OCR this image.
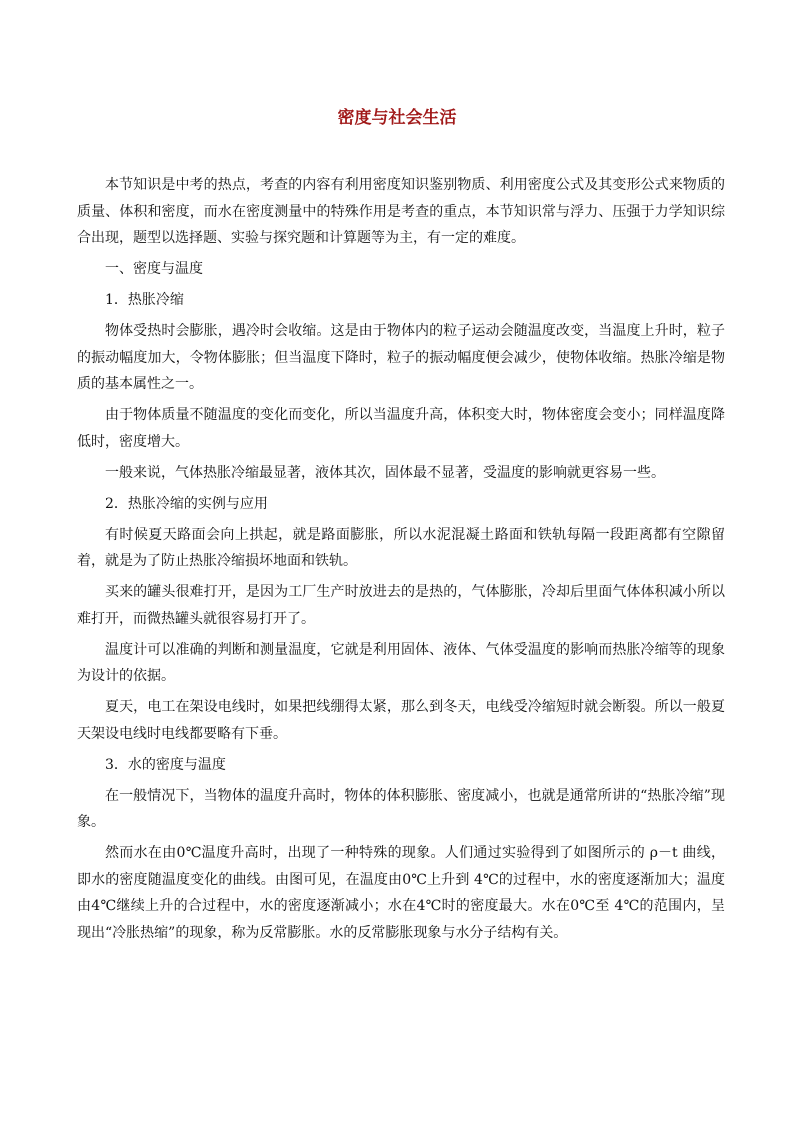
密度与社会生活

本节知识是中考的热点，考查的内容有利用密度知识鉴别物质、利用密度公式及其变形公式来物质的质量、体积和密度，而水在密度测量中的特殊作用是考查的重点，本节知识常与浮力、压强于力学知识综合出现，题型以选择题、实验与探究题和计算题等为主，有一定的难度。

一、密度与温度

1．热胀冷缩

物体受热时会膨胀，遇冷时会收缩。这是由于物体内的粒子运动会随温度改变，当温度上升时，粒子的振动幅度加大，令物体膨胀；但当温度下降时，粒子的振动幅度便会减少，使物体收缩。热胀冷缩是物质的基本属性之一。

由于物体质量不随温度的变化而变化，所以当温度升高，体积变大时，物体密度会变小；同样温度降低时，密度增大。

一般来说，气体热胀冷缩最显著，液体其次，固体最不显著，受温度的影响就更容易一些。

2．热胀冷缩的实例与应用

有时候夏天路面会向上拱起，就是路面膨胀，所以水泥混凝土路面和铁轨每隔一段距离都有空隙留着，就是为了防止热胀冷缩损坏地面和铁轨。

买来的罐头很难打开，是因为工厂生产时放进去的是热的，气体膨胀，冷却后里面气体体积减小所以难打开，而微热罐头就很容易打开了。

温度计可以准确的判断和测量温度，它就是利用固体、液体、气体受温度的影响而热胀冷缩等的现象为设计的依据。

夏天，电工在架设电线时，如果把线绷得太紧，那么到冬天，电线受冷缩短时就会断裂。所以一般夏天架设电线时电线都要略有下垂。

3．水的密度与温度

在一般情况下，当物体的温度升高时，物体的体积膨胀、密度减小，也就是通常所讲的“热胀冷缩”现象。

然而水在由0℃温度升高时，出现了一种特殊的现象。人们通过实验得到了如图所示的 ρ－t 曲线，即水的密度随温度变化的曲线。由图可见，在温度由0℃上升到 4℃的过程中，水的密度逐渐加大；温度由4℃继续上升的合过程中，水的密度逐渐减小；水在4℃时的密度最大。水在0℃至 4℃的范围内，呈现出“冷胀热缩”的现象，称为反常膨胀。水的反常膨胀现象与水分子结构有关。
